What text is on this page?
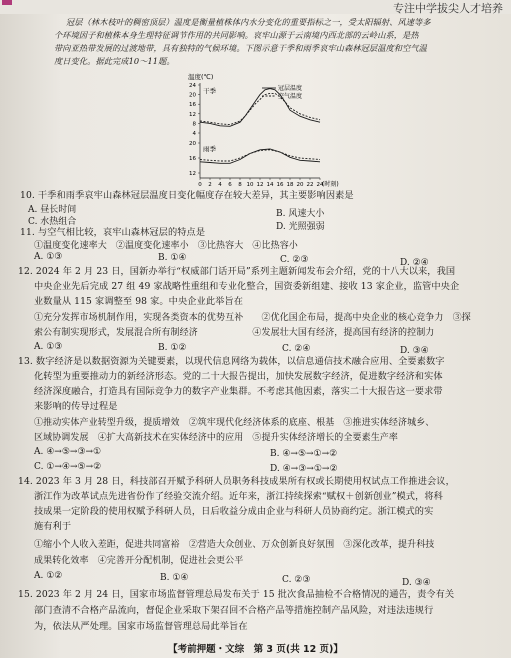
专注中学拔尖人才培养
冠层（林木枝叶的稠密顶层）温度是衡量植株体内水分变化的重要指标之一，受太阳辐射、风速等多
个环境因子和植株本身生理特征调节作用的共同影响。哀牢山源于云南境内西北部的云岭山系，是热
带向亚热带发展的过渡地带，具有独特的气候环境。下图示意干季和雨季哀牢山森林冠层温度和空气温
度日变化。据此完成10～11题。
温度(℃)
24
20
16
12
8
4
20
16
12
0 2 4 6 8 10 12 14 16 18 20 22 24
干季
雨季
冠层温度
空气温度
(时刻)
10. 干季和雨季哀牢山森林冠层温度日变化幅度存在较大差异，其主要影响因素是
A. 昼长时间	B. 风速大小
C. 水热组合	D. 光照强弱
11. 与空气相比较，哀牢山森林冠层的特点是
①温度变化速率大　②温度变化速率小　③比热容大　④比热容小
A. ①③	B. ①④	C. ②③	D. ②④
12. 2024 年 2 月 23 日，国新办举行“权威部门话开局”系列主题新闻发布会介绍，党的十八大以来，我国
中央企业先后完成 27 组 49 家战略性重组和专业化整合，国资委新组建、接收 13 家企业，监管中央企
业数量从 115 家调整至 98 家。中央企业此举旨在
①充分发挥市场机制作用，实现各类资本的优势互补　　②优化国企布局，提高中央企业的核心竞争力　③探
索公有制实现形式，发展混合所有制经济　　　　　　④发展壮大国有经济，提高国有经济的控制力
A. ①③	B. ①②	C. ②④	D. ③④
13. 数字经济是以数据资源为关键要素，以现代信息网络为载体，以信息通信技术融合应用、全要素数字
化转型为重要推动力的新经济形态。党的二十大报告提出，加快发展数字经济，促进数字经济和实体
经济深度融合，打造具有国际竞争力的数字产业集群。不考虑其他因素，落实二十大报告这一要求带
来影响的传导过程是
①推动实体产业转型升级，提质增效　②筑牢现代化经济体系的底座、根基　③推进实体经济城乡、
区域协调发展　④扩大高新技术在实体经济中的应用　⑤提升实体经济增长的全要素生产率
A. ④→⑤→③→①	B. ④→⑤→①→②
C. ①→④→⑤→②	D. ④→③→①→②
14. 2023 年 3 月 28 日，科技部召开赋予科研人员职务科技成果所有权或长期使用权试点工作推进会议，
浙江作为改革试点先进省份作了经验交流介绍。近年来，浙江持续探索“赋权＋创新创业”模式，将科
技成果一定阶段的使用权赋予科研人员，日后收益分成由企业与科研人员协商约定。浙江模式的实
施有利于
①缩小个人收入差距，促进共同富裕　②营造大众创业、万众创新良好氛围　③深化改革，提升科技
成果转化效率　④完善开分配机制，促进社会更公平
A. ①②	B. ①④	C. ②③	D. ③④
15. 2023 年 2 月 24 日，国家市场监督管理总局发布关于 15 批次食品抽检不合格情况的通告，责令有关
部门查清不合格产品流向，督促企业采取下架召回不合格产品等措施控制产品风险，对违法违规行
为，依法从严处理。国家市场监督管理总局此举旨在
【考前押题・文综　第 3 页(共 12 页)】
